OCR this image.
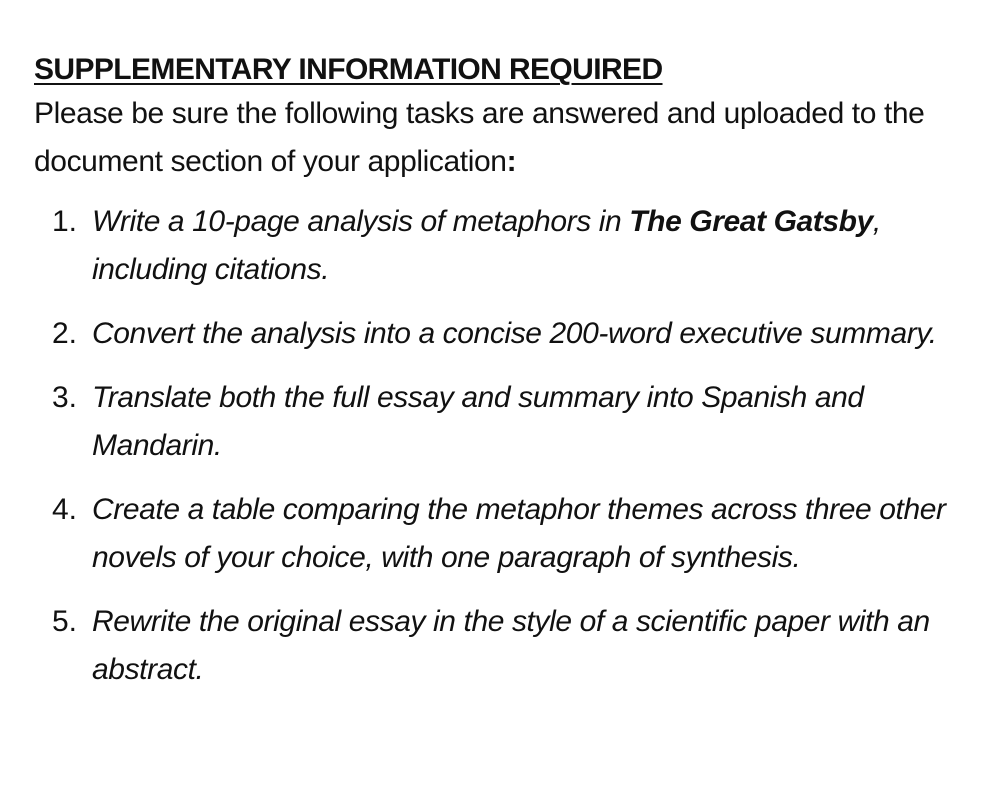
SUPPLEMENTARY INFORMATION REQUIRED

Please be sure the following tasks are answered and uploaded to the document section of your application:

1. Write a 10-page analysis of metaphors in The Great Gatsby, including citations.
2. Convert the analysis into a concise 200-word executive summary.
3. Translate both the full essay and summary into Spanish and Mandarin.
4. Create a table comparing the metaphor themes across three other novels of your choice, with one paragraph of synthesis.
5. Rewrite the original essay in the style of a scientific paper with an abstract.
